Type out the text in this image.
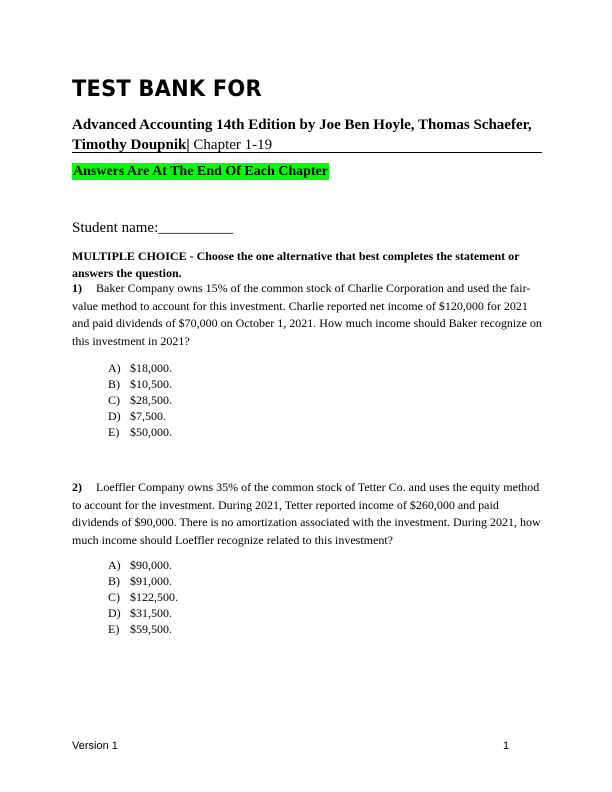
TEST BANK FOR
Advanced Accounting 14th Edition by Joe Ben Hoyle, Thomas Schaefer, Timothy Doupnik| Chapter 1-19
Answers Are At The End Of Each Chapter
Student name:__________
MULTIPLE CHOICE - Choose the one alternative that best completes the statement or answers the question.
1) Baker Company owns 15% of the common stock of Charlie Corporation and used the fair-value method to account for this investment. Charlie reported net income of $120,000 for 2021 and paid dividends of $70,000 on October 1, 2021. How much income should Baker recognize on this investment in 2021?
A) $18,000.
B) $10,500.
C) $28,500.
D) $7,500.
E) $50,000.
2) Loeffler Company owns 35% of the common stock of Tetter Co. and uses the equity method to account for the investment. During 2021, Tetter reported income of $260,000 and paid dividends of $90,000. There is no amortization associated with the investment. During 2021, how much income should Loeffler recognize related to this investment?
A) $90,000.
B) $91,000.
C) $122,500.
D) $31,500.
E) $59,500.
Version 1	1
